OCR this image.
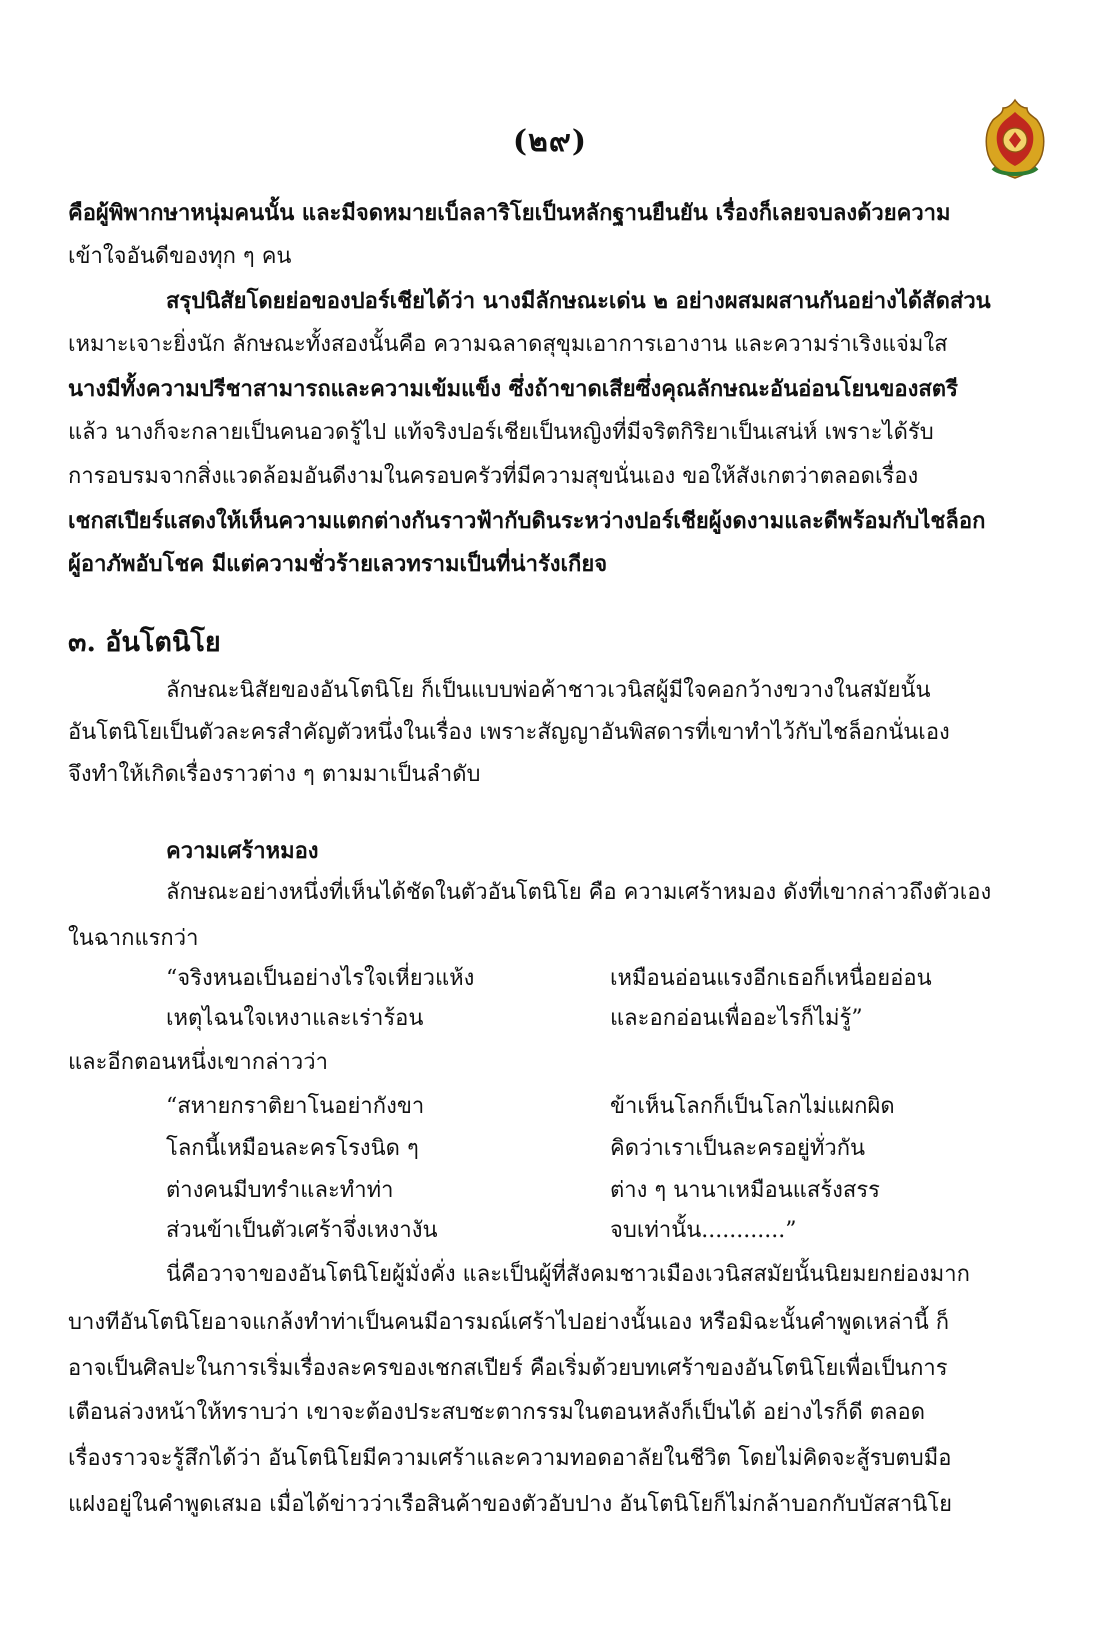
(๒๙)
คือผู้พิพากษาหนุ่มคนนั้น และมีจดหมายเบ็ลลาริโยเป็นหลักฐานยืนยัน เรื่องก็เลยจบลงด้วยความ
เข้าใจอันดีของทุก ๆ คน
สรุปนิสัยโดยย่อของปอร์เชียได้ว่า นางมีลักษณะเด่น ๒ อย่างผสมผสานกันอย่างได้สัดส่วน
เหมาะเจาะยิ่งนัก ลักษณะทั้งสองนั้นคือ ความฉลาดสุขุมเอาการเอางาน และความร่าเริงแจ่มใส
นางมีทั้งความปรีชาสามารถและความเข้มแข็ง ซึ่งถ้าขาดเสียซึ่งคุณลักษณะอันอ่อนโยนของสตรี
แล้ว นางก็จะกลายเป็นคนอวดรู้ไป แท้จริงปอร์เชียเป็นหญิงที่มีจริตกิริยาเป็นเสน่ห์ เพราะได้รับ
การอบรมจากสิ่งแวดล้อมอันดีงามในครอบครัวที่มีความสุขนั่นเอง ขอให้สังเกตว่าตลอดเรื่อง
เชกสเปียร์แสดงให้เห็นความแตกต่างกันราวฟ้ากับดินระหว่างปอร์เชียผู้งดงามและดีพร้อมกับไชล็อก
ผู้อาภัพอับโชค มีแต่ความชั่วร้ายเลวทรามเป็นที่น่ารังเกียจ
๓. อันโตนิโย
ลักษณะนิสัยของอันโตนิโย ก็เป็นแบบพ่อค้าชาวเวนิสผู้มีใจคอกว้างขวางในสมัยนั้น
อันโตนิโยเป็นตัวละครสำคัญตัวหนึ่งในเรื่อง เพราะสัญญาอันพิสดารที่เขาทำไว้กับไชล็อกนั่นเอง
จึงทำให้เกิดเรื่องราวต่าง ๆ ตามมาเป็นลำดับ
ความเศร้าหมอง
ลักษณะอย่างหนึ่งที่เห็นได้ชัดในตัวอันโตนิโย คือ ความเศร้าหมอง ดังที่เขากล่าวถึงตัวเอง
ในฉากแรกว่า
“จริงหนอเป็นอย่างไรใจเหี่ยวแห้ง	เหมือนอ่อนแรงอีกเธอก็เหนื่อยอ่อน
เหตุไฉนใจเหงาและเร่าร้อน	และอกอ่อนเพื่ออะไรก็ไม่รู้”
และอีกตอนหนึ่งเขากล่าวว่า
“สหายกราติยาโนอย่ากังขา	ข้าเห็นโลกก็เป็นโลกไม่แผกผิด
โลกนี้เหมือนละครโรงนิด ๆ	คิดว่าเราเป็นละครอยู่ทั่วกัน
ต่างคนมีบทรำและทำท่า	ต่าง ๆ นานาเหมือนแสร้งสรร
ส่วนข้าเป็นตัวเศร้าจึ่งเหงางัน	จบเท่านั้น............”
นี่คือวาจาของอันโตนิโยผู้มั่งคั่ง และเป็นผู้ที่สังคมชาวเมืองเวนิสสมัยนั้นนิยมยกย่องมาก
บางทีอันโตนิโยอาจแกล้งทำท่าเป็นคนมีอารมณ์เศร้าไปอย่างนั้นเอง หรือมิฉะนั้นคำพูดเหล่านี้ ก็
อาจเป็นศิลปะในการเริ่มเรื่องละครของเชกสเปียร์ คือเริ่มด้วยบทเศร้าของอันโตนิโยเพื่อเป็นการ
เตือนล่วงหน้าให้ทราบว่า เขาจะต้องประสบชะตากรรมในตอนหลังก็เป็นได้ อย่างไรก็ดี ตลอด
เรื่องราวจะรู้สึกได้ว่า อันโตนิโยมีความเศร้าและความทอดอาลัยในชีวิต โดยไม่คิดจะสู้รบตบมือ
แฝงอยู่ในคำพูดเสมอ เมื่อได้ข่าวว่าเรือสินค้าของตัวอับปาง อันโตนิโยก็ไม่กล้าบอกกับบัสสานิโย
